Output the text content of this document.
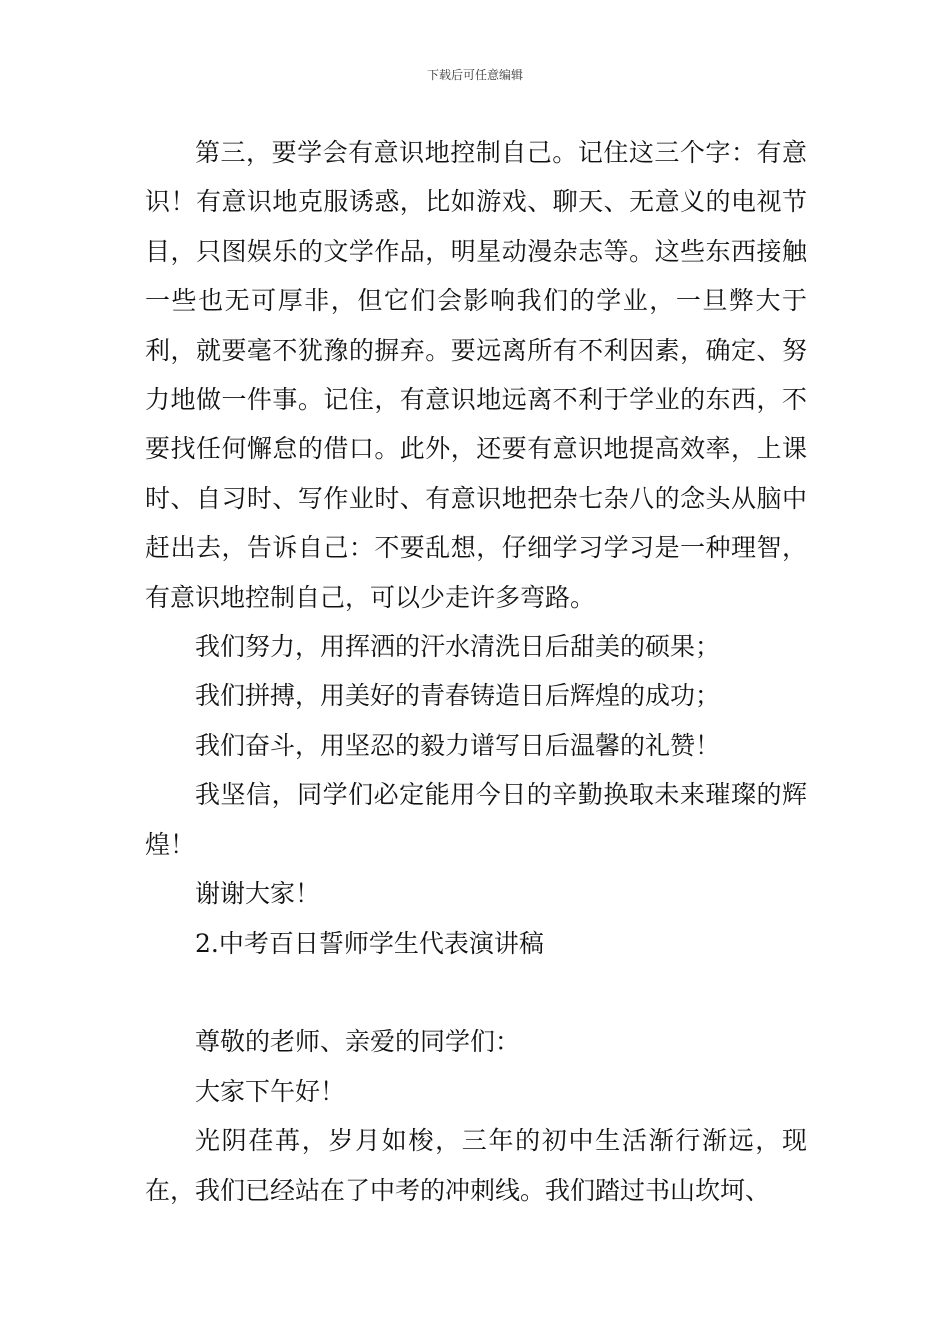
下载后可任意编辑

第三，要学会有意识地控制自己。记住这三个字：有意识！有意识地克服诱惑，比如游戏、聊天、无意义的电视节目，只图娱乐的文学作品，明星动漫杂志等。这些东西接触一些也无可厚非，但它们会影响我们的学业，一旦弊大于利，就要毫不犹豫的摒弃。要远离所有不利因素，确定、努力地做一件事。记住，有意识地远离不利于学业的东西，不要找任何懈怠的借口。此外，还要有意识地提高效率，上课时、自习时、写作业时、有意识地把杂七杂八的念头从脑中赶出去，告诉自己：不要乱想，仔细学习学习是一种理智，有意识地控制自己，可以少走许多弯路。

我们努力，用挥洒的汗水清洗日后甜美的硕果；

我们拼搏，用美好的青春铸造日后辉煌的成功；

我们奋斗，用坚忍的毅力谱写日后温馨的礼赞！

我坚信，同学们必定能用今日的辛勤换取未来璀璨的辉煌！

谢谢大家！

2.中考百日誓师学生代表演讲稿

尊敬的老师、亲爱的同学们：

大家下午好！

光阴荏苒，岁月如梭，三年的初中生活渐行渐远，现在，我们已经站在了中考的冲刺线。我们踏过书山坎坷、
